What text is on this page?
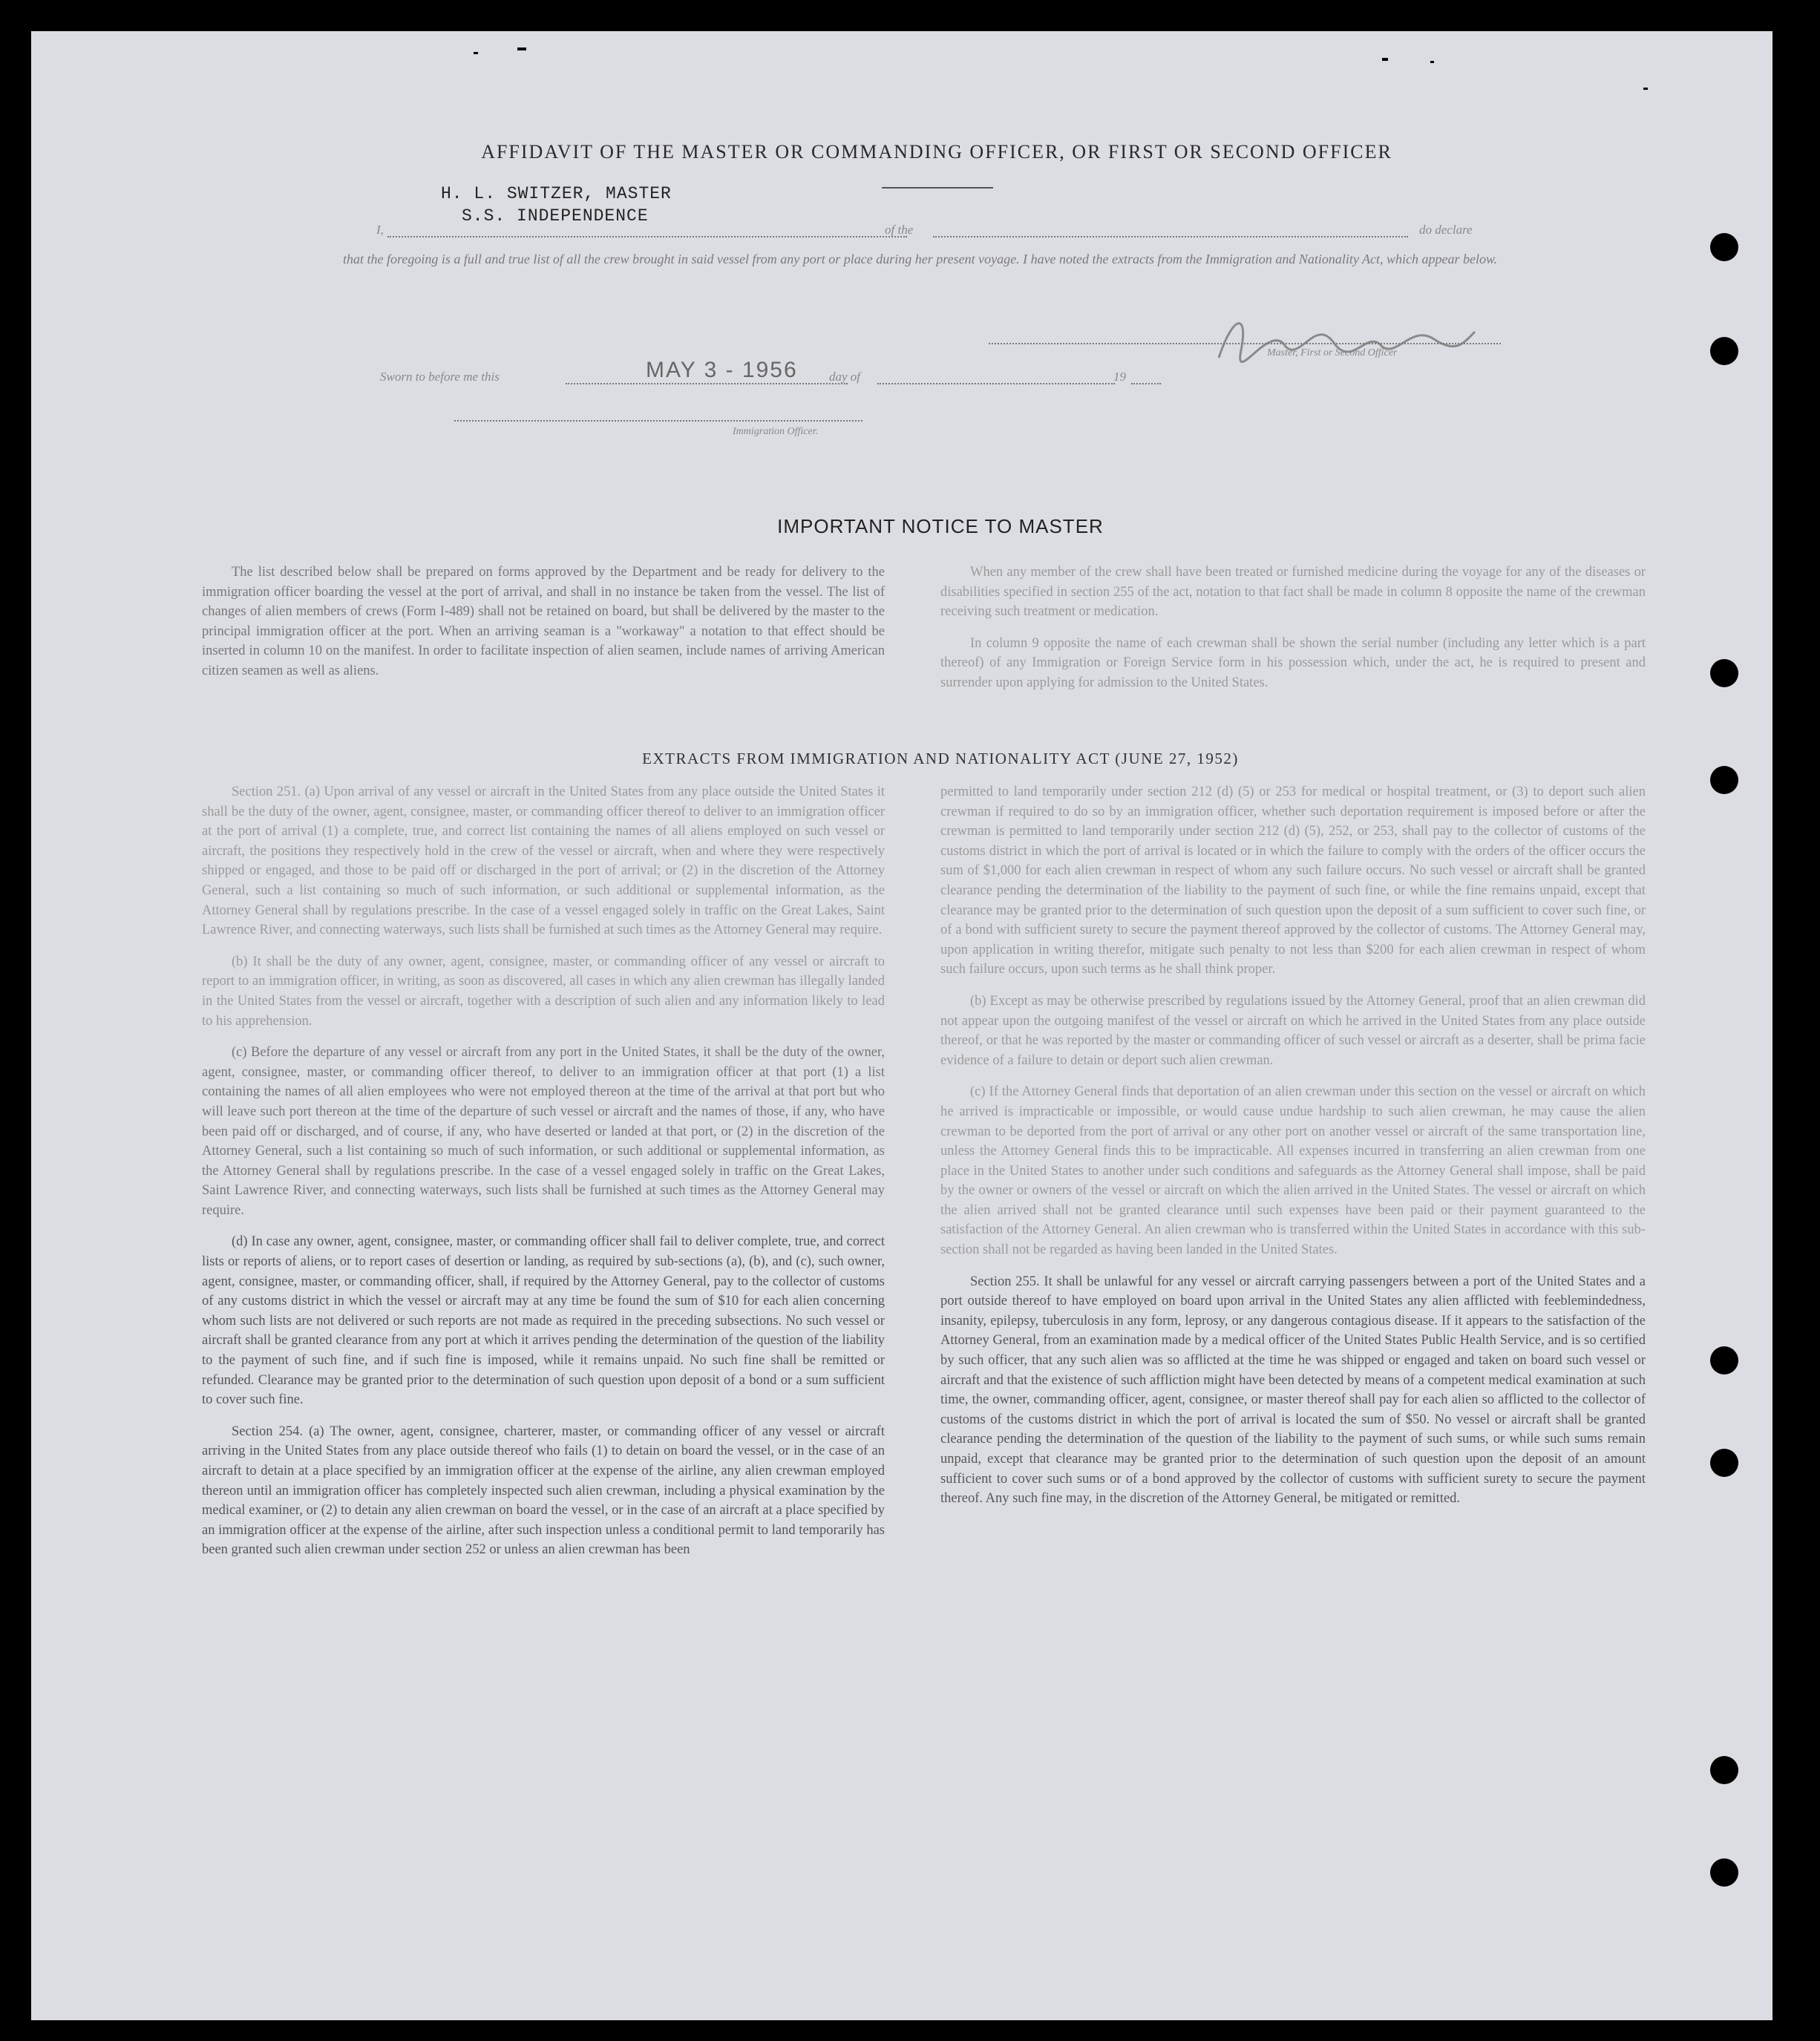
AFFIDAVIT OF THE MASTER OR COMMANDING OFFICER, OR FIRST OR SECOND OFFICER
H. L. SWITZER, MASTER
S.S. INDEPENDENCE
I,	of the	do declare
that the foregoing is a full and true list of all the crew brought in said vessel from any port or place during her present voyage. I have noted the extracts from the Immigration and Nationality Act, which appear below.
Master, First or Second Officer
Sworn to before me this	MAY 3 - 1956 day of	19
Immigration Officer.
IMPORTANT NOTICE TO MASTER

The list described below shall be prepared on forms approved by the Department and be ready for delivery to the immigration officer boarding the vessel at the port of arrival, and shall in no instance be taken from the vessel. The list of changes of alien members of crews (Form I-489) shall not be retained on board, but shall be delivered by the master to the principal immigration officer at the port. When an arriving seaman is a "workaway" a notation to that effect should be inserted in column 10 on the manifest. In order to facilitate inspection of alien seamen, include names of arriving American citizen seamen as well as aliens.

When any member of the crew shall have been treated or furnished medicine during the voyage for any of the diseases or disabilities specified in section 255 of the act, notation to that fact shall be made in column 8 opposite the name of the crewman receiving such treatment or medication.

In column 9 opposite the name of each crewman shall be shown the serial number (including any letter which is a part thereof) of any Immigration or Foreign Service form in his possession which, under the act, he is required to present and surrender upon applying for admission to the United States.

EXTRACTS FROM IMMIGRATION AND NATIONALITY ACT (JUNE 27, 1952)

Section 251. (a) Upon arrival of any vessel or aircraft in the United States from any place outside the United States it shall be the duty of the owner, agent, consignee, master, or commanding officer thereof to deliver to an immigration officer at the port of arrival (1) a complete, true, and correct list containing the names of all aliens employed on such vessel or aircraft, the positions they respectively hold in the crew of the vessel or aircraft, when and where they were respectively shipped or engaged, and those to be paid off or discharged in the port of arrival; or (2) in the discretion of the Attorney General, such a list containing so much of such information, or such additional or supplemental information, as the Attorney General shall by regulations prescribe. In the case of a vessel engaged solely in traffic on the Great Lakes, Saint Lawrence River, and connecting waterways, such lists shall be furnished at such times as the Attorney General may require.

(b) It shall be the duty of any owner, agent, consignee, master, or commanding officer of any vessel or aircraft to report to an immigration officer, in writing, as soon as discovered, all cases in which any alien crewman has illegally landed in the United States from the vessel or aircraft, together with a description of such alien and any information likely to lead to his apprehension.

(c) Before the departure of any vessel or aircraft from any port in the United States, it shall be the duty of the owner, agent, consignee, master, or commanding officer thereof, to deliver to an immigration officer at that port (1) a list containing the names of all alien employees who were not employed thereon at the time of the arrival at that port but who will leave such port thereon at the time of the departure of such vessel or aircraft and the names of those, if any, who have been paid off or discharged, and of course, if any, who have deserted or landed at that port, or (2) in the discretion of the Attorney General, such a list containing so much of such information, or such additional or supplemental information, as the Attorney General shall by regulations prescribe. In the case of a vessel engaged solely in traffic on the Great Lakes, Saint Lawrence River, and connecting waterways, such lists shall be furnished at such times as the Attorney General may require.

(d) In case any owner, agent, consignee, master, or commanding officer shall fail to deliver complete, true, and correct lists or reports of aliens, or to report cases of desertion or landing, as required by sub-sections (a), (b), and (c), such owner, agent, consignee, master, or commanding officer, shall, if required by the Attorney General, pay to the collector of customs of any customs district in which the vessel or aircraft may at any time be found the sum of $10 for each alien concerning whom such lists are not delivered or such reports are not made as required in the preceding subsections. No such vessel or aircraft shall be granted clearance from any port at which it arrives pending the determination of the question of the liability to the payment of such fine, and if such fine is imposed, while it remains unpaid. No such fine shall be remitted or refunded. Clearance may be granted prior to the determination of such question upon deposit of a bond or a sum sufficient to cover such fine.

Section 254. (a) The owner, agent, consignee, charterer, master, or commanding officer of any vessel or aircraft arriving in the United States from any place outside thereof who fails (1) to detain on board the vessel, or in the case of an aircraft to detain at a place specified by an immigration officer at the expense of the airline, any alien crewman employed thereon until an immigration officer has completely inspected such alien crewman, including a physical examination by the medical examiner, or (2) to detain any alien crewman on board the vessel, or in the case of an aircraft at a place specified by an immigration officer at the expense of the airline, after such inspection unless a conditional permit to land temporarily has been granted such alien crewman under section 252 or unless an alien crewman has been

permitted to land temporarily under section 212 (d) (5) or 253 for medical or hospital treatment, or (3) to deport such alien crewman if required to do so by an immigration officer, whether such deportation requirement is imposed before or after the crewman is permitted to land temporarily under section 212 (d) (5), 252, or 253, shall pay to the collector of customs of the customs district in which the port of arrival is located or in which the failure to comply with the orders of the officer occurs the sum of $1,000 for each alien crewman in respect of whom any such failure occurs. No such vessel or aircraft shall be granted clearance pending the determination of the liability to the payment of such fine, or while the fine remains unpaid, except that clearance may be granted prior to the determination of such question upon the deposit of a sum sufficient to cover such fine, or of a bond with sufficient surety to secure the payment thereof approved by the collector of customs. The Attorney General may, upon application in writing therefor, mitigate such penalty to not less than $200 for each alien crewman in respect of whom such failure occurs, upon such terms as he shall think proper.

(b) Except as may be otherwise prescribed by regulations issued by the Attorney General, proof that an alien crewman did not appear upon the outgoing manifest of the vessel or aircraft on which he arrived in the United States from any place outside thereof, or that he was reported by the master or commanding officer of such vessel or aircraft as a deserter, shall be prima facie evidence of a failure to detain or deport such alien crewman.

(c) If the Attorney General finds that deportation of an alien crewman under this section on the vessel or aircraft on which he arrived is impracticable or impossible, or would cause undue hardship to such alien crewman, he may cause the alien crewman to be deported from the port of arrival or any other port on another vessel or aircraft of the same transportation line, unless the Attorney General finds this to be impracticable. All expenses incurred in transferring an alien crewman from one place in the United States to another under such conditions and safeguards as the Attorney General shall impose, shall be paid by the owner or owners of the vessel or aircraft on which the alien arrived in the United States. The vessel or aircraft on which the alien arrived shall not be granted clearance until such expenses have been paid or their payment guaranteed to the satisfaction of the Attorney General. An alien crewman who is transferred within the United States in accordance with this sub-section shall not be regarded as having been landed in the United States.

Section 255. It shall be unlawful for any vessel or aircraft carrying passengers between a port of the United States and a port outside thereof to have employed on board upon arrival in the United States any alien afflicted with feeblemindedness, insanity, epilepsy, tuberculosis in any form, leprosy, or any dangerous contagious disease. If it appears to the satisfaction of the Attorney General, from an examination made by a medical officer of the United States Public Health Service, and is so certified by such officer, that any such alien was so afflicted at the time he was shipped or engaged and taken on board such vessel or aircraft and that the existence of such affliction might have been detected by means of a competent medical examination at such time, the owner, commanding officer, agent, consignee, or master thereof shall pay for each alien so afflicted to the collector of customs of the customs district in which the port of arrival is located the sum of $50. No vessel or aircraft shall be granted clearance pending the determination of the question of the liability to the payment of such sums, or while such sums remain unpaid, except that clearance may be granted prior to the determination of such question upon the deposit of an amount sufficient to cover such sums or of a bond approved by the collector of customs with sufficient surety to secure the payment thereof. Any such fine may, in the discretion of the Attorney General, be mitigated or remitted.
